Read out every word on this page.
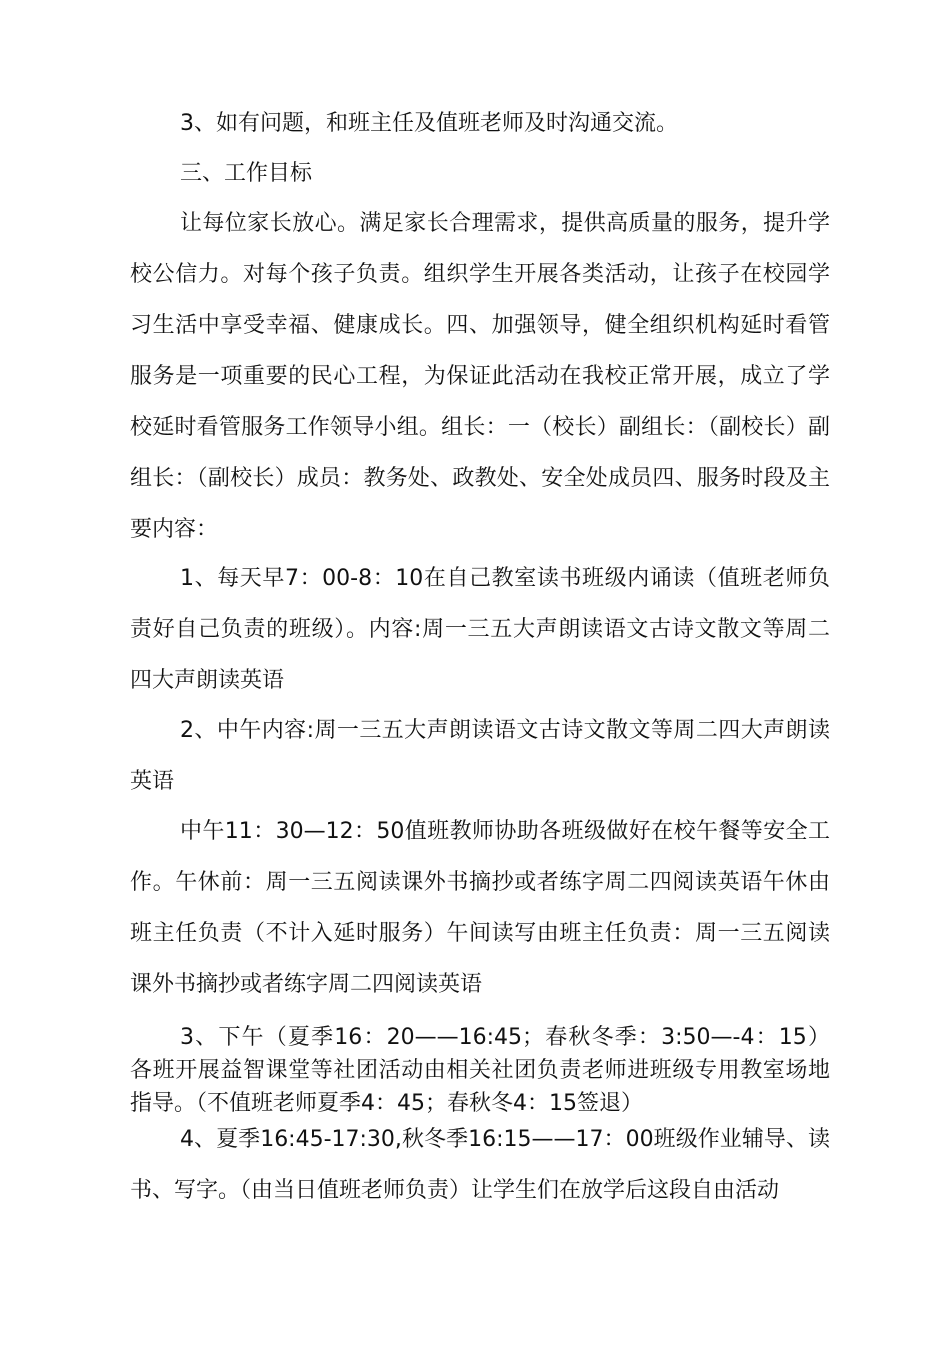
3、如有问题，和班主任及值班老师及时沟通交流。

三、工作目标

让每位家长放心。满足家长合理需求，提供高质量的服务，提升学校公信力。对每个孩子负责。组织学生开展各类活动，让孩子在校园学习生活中享受幸福、健康成长。四、加强领导，健全组织机构延时看管服务是一项重要的民心工程，为保证此活动在我校正常开展，成立了学校延时看管服务工作领导小组。组长：一（校长）副组长：（副校长）副组长：（副校长）成员：教务处、政教处、安全处成员四、服务时段及主要内容：

1、每天早7：00-8：10在自己教室读书班级内诵读（值班老师负责好自己负责的班级）。内容:周一三五大声朗读语文古诗文散文等周二四大声朗读英语

2、中午内容:周一三五大声朗读语文古诗文散文等周二四大声朗读英语

中午11：30—12：50值班教师协助各班级做好在校午餐等安全工作。午休前：周一三五阅读课外书摘抄或者练字周二四阅读英语午休由班主任负责（不计入延时服务）午间读写由班主任负责：周一三五阅读课外书摘抄或者练字周二四阅读英语

3、下午（夏季16：20——16:45；春秋冬季：3:50—-4：15）各班开展益智课堂等社团活动由相关社团负责老师进班级专用教室场地指导。（不值班老师夏季4：45；春秋冬4：15签退）

4、夏季16:45-17:30,秋冬季16:15——17：00班级作业辅导、读书、写字。（由当日值班老师负责）让学生们在放学后这段自由活动
